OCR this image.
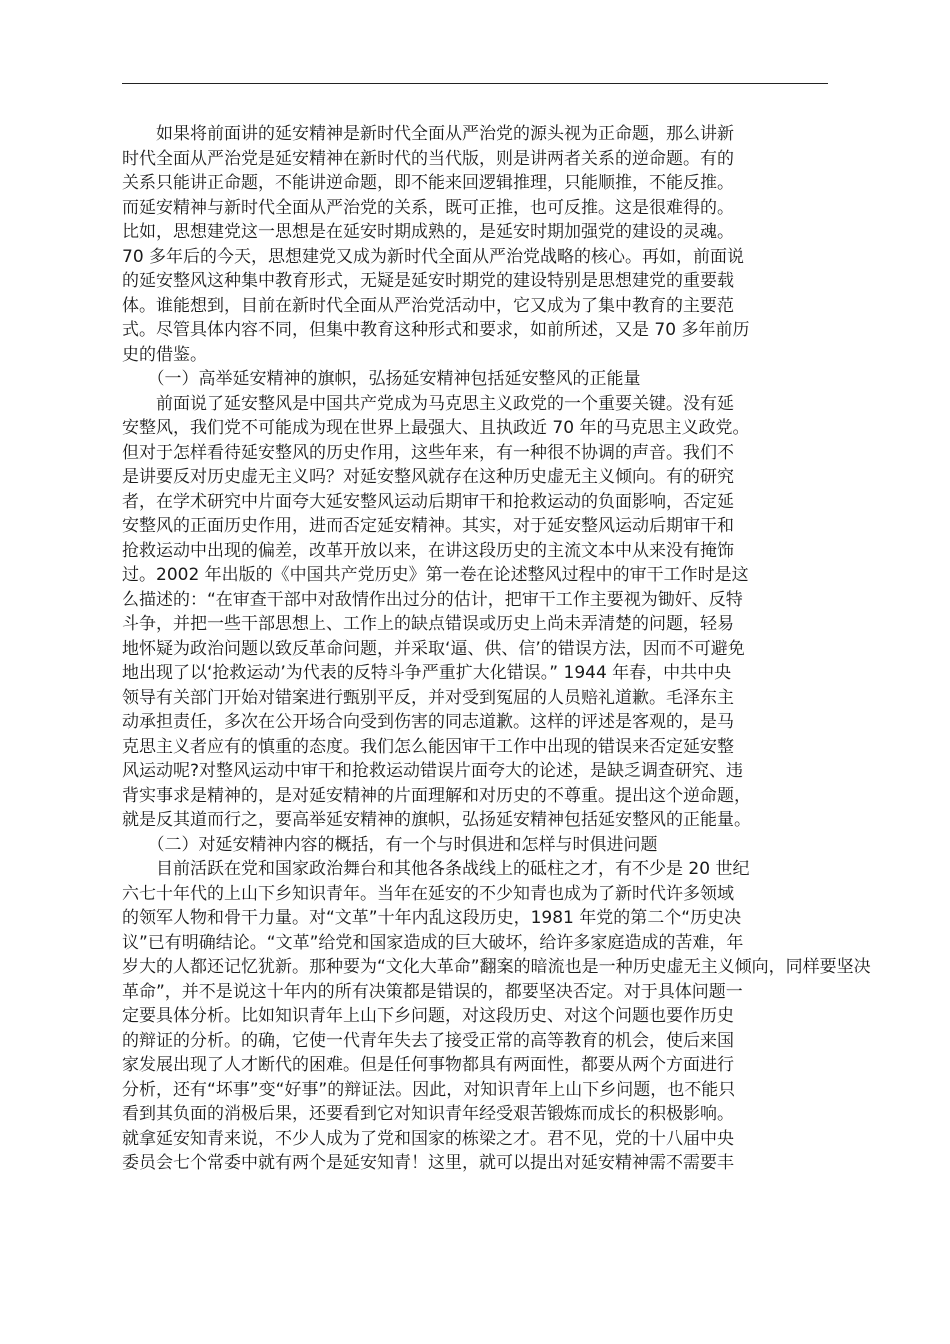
　　如果将前面讲的延安精神是新时代全面从严治党的源头视为正命题，那么讲新
时代全面从严治党是延安精神在新时代的当代版，则是讲两者关系的逆命题。有的
关系只能讲正命题，不能讲逆命题，即不能来回逻辑推理，只能顺推，不能反推。
而延安精神与新时代全面从严治党的关系，既可正推，也可反推。这是很难得的。
比如，思想建党这一思想是在延安时期成熟的，是延安时期加强党的建设的灵魂。
70 多年后的今天，思想建党又成为新时代全面从严治党战略的核心。再如，前面说
的延安整风这种集中教育形式，无疑是延安时期党的建设特别是思想建党的重要载
体。谁能想到，目前在新时代全面从严治党活动中，它又成为了集中教育的主要范
式。尽管具体内容不同，但集中教育这种形式和要求，如前所述，又是 70 多年前历
史的借鉴。
　　（一）高举延安精神的旗帜，弘扬延安精神包括延安整风的正能量
　　前面说了延安整风是中国共产党成为马克思主义政党的一个重要关键。没有延
安整风，我们党不可能成为现在世界上最强大、且执政近 70 年的马克思主义政党。
但对于怎样看待延安整风的历史作用，这些年来，有一种很不协调的声音。我们不
是讲要反对历史虚无主义吗？对延安整风就存在这种历史虚无主义倾向。有的研究
者，在学术研究中片面夸大延安整风运动后期审干和抢救运动的负面影响，否定延
安整风的正面历史作用，进而否定延安精神。其实，对于延安整风运动后期审干和
抢救运动中出现的偏差，改革开放以来，在讲这段历史的主流文本中从来没有掩饰
过。2002 年出版的《中国共产党历史》第一卷在论述整风过程中的审干工作时是这
么描述的：“在审查干部中对敌情作出过分的估计，把审干工作主要视为锄奸、反特
斗争，并把一些干部思想上、工作上的缺点错误或历史上尚未弄清楚的问题，轻易
地怀疑为政治问题以致反革命问题，并采取‘逼、供、信’的错误方法，因而不可避免
地出现了以‘抢救运动’为代表的反特斗争严重扩大化错误。” 1944 年春，中共中央
领导有关部门开始对错案进行甄别平反，并对受到冤屈的人员赔礼道歉。毛泽东主
动承担责任，多次在公开场合向受到伤害的同志道歉。这样的评述是客观的，是马
克思主义者应有的慎重的态度。我们怎么能因审干工作中出现的错误来否定延安整
风运动呢?对整风运动中审干和抢救运动错误片面夸大的论述，是缺乏调查研究、违
背实事求是精神的，是对延安精神的片面理解和对历史的不尊重。提出这个逆命题，
就是反其道而行之，要高举延安精神的旗帜，弘扬延安精神包括延安整风的正能量。
　　（二）对延安精神内容的概括，有一个与时俱进和怎样与时俱进问题
　　目前活跃在党和国家政治舞台和其他各条战线上的砥柱之才，有不少是 20 世纪
六七十年代的上山下乡知识青年。当年在延安的不少知青也成为了新时代许多领域
的领军人物和骨干力量。对“文革”十年内乱这段历史，1981 年党的第二个“历史决
议”已有明确结论。“文革”给党和国家造成的巨大破坏，给许多家庭造成的苦难，年
岁大的人都还记忆犹新。那种要为“文化大革命”翻案的暗流也是一种历史虚无主义倾向，同样要坚决
革命”，并不是说这十年内的所有决策都是错误的，都要坚决否定。对于具体问题一
定要具体分析。比如知识青年上山下乡问题，对这段历史、对这个问题也要作历史
的辩证的分析。的确，它使一代青年失去了接受正常的高等教育的机会，使后来国
家发展出现了人才断代的困难。但是任何事物都具有两面性，都要从两个方面进行
分析，还有“坏事”变“好事”的辩证法。因此，对知识青年上山下乡问题，也不能只
看到其负面的消极后果，还要看到它对知识青年经受艰苦锻炼而成长的积极影响。
就拿延安知青来说，不少人成为了党和国家的栋梁之才。君不见，党的十八届中央
委员会七个常委中就有两个是延安知青！这里，就可以提出对延安精神需不需要丰
